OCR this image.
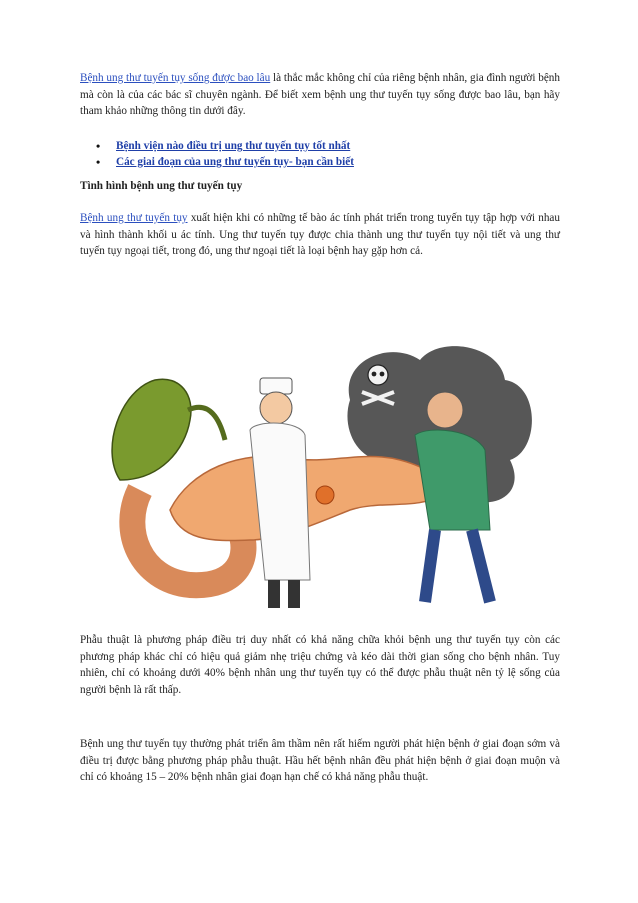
Bệnh ung thư tuyến tụy sống được bao lâu là thắc mắc không chỉ của riêng bệnh nhân, gia đình người bệnh mà còn là của các bác sĩ chuyên ngành. Để biết xem bệnh ung thư tuyến tụy sống được bao lâu, bạn hãy tham khảo những thông tin dưới đây.

• Bệnh viện nào điều trị ung thư tuyến tụy tốt nhất
• Các giai đoạn của ung thư tuyến tụy- bạn cần biết
Tình hình bệnh ung thư tuyến tụy

Bệnh ung thư tuyến tụy xuất hiện khi có những tế bào ác tính phát triển trong tuyến tụy tập hợp với nhau và hình thành khối u ác tính. Ung thư tuyến tụy được chia thành ung thư tuyến tụy nội tiết và ung thư tuyến tụy ngoại tiết, trong đó, ung thư ngoại tiết là loại bệnh hay gặp hơn cả.

Phẫu thuật là phương pháp điều trị duy nhất có khả năng chữa khỏi bệnh ung thư tuyến tụy còn các phương pháp khác chỉ có hiệu quả giảm nhẹ triệu chứng và kéo dài thời gian sống cho bệnh nhân. Tuy nhiên, chỉ có khoảng dưới 40% bệnh nhân ung thư tuyến tụy có thể được phẫu thuật nên tỷ lệ sống của người bệnh là rất thấp.

Bệnh ung thư tuyến tụy thường phát triển âm thầm nên rất hiếm người phát hiện bệnh ở giai đoạn sớm và điều trị được bằng phương pháp phẫu thuật. Hầu hết bệnh nhân đều phát hiện bệnh ở giai đoạn muộn và chỉ có khoảng 15 – 20% bệnh nhân giai đoạn hạn chế có khả năng phẫu thuật.
